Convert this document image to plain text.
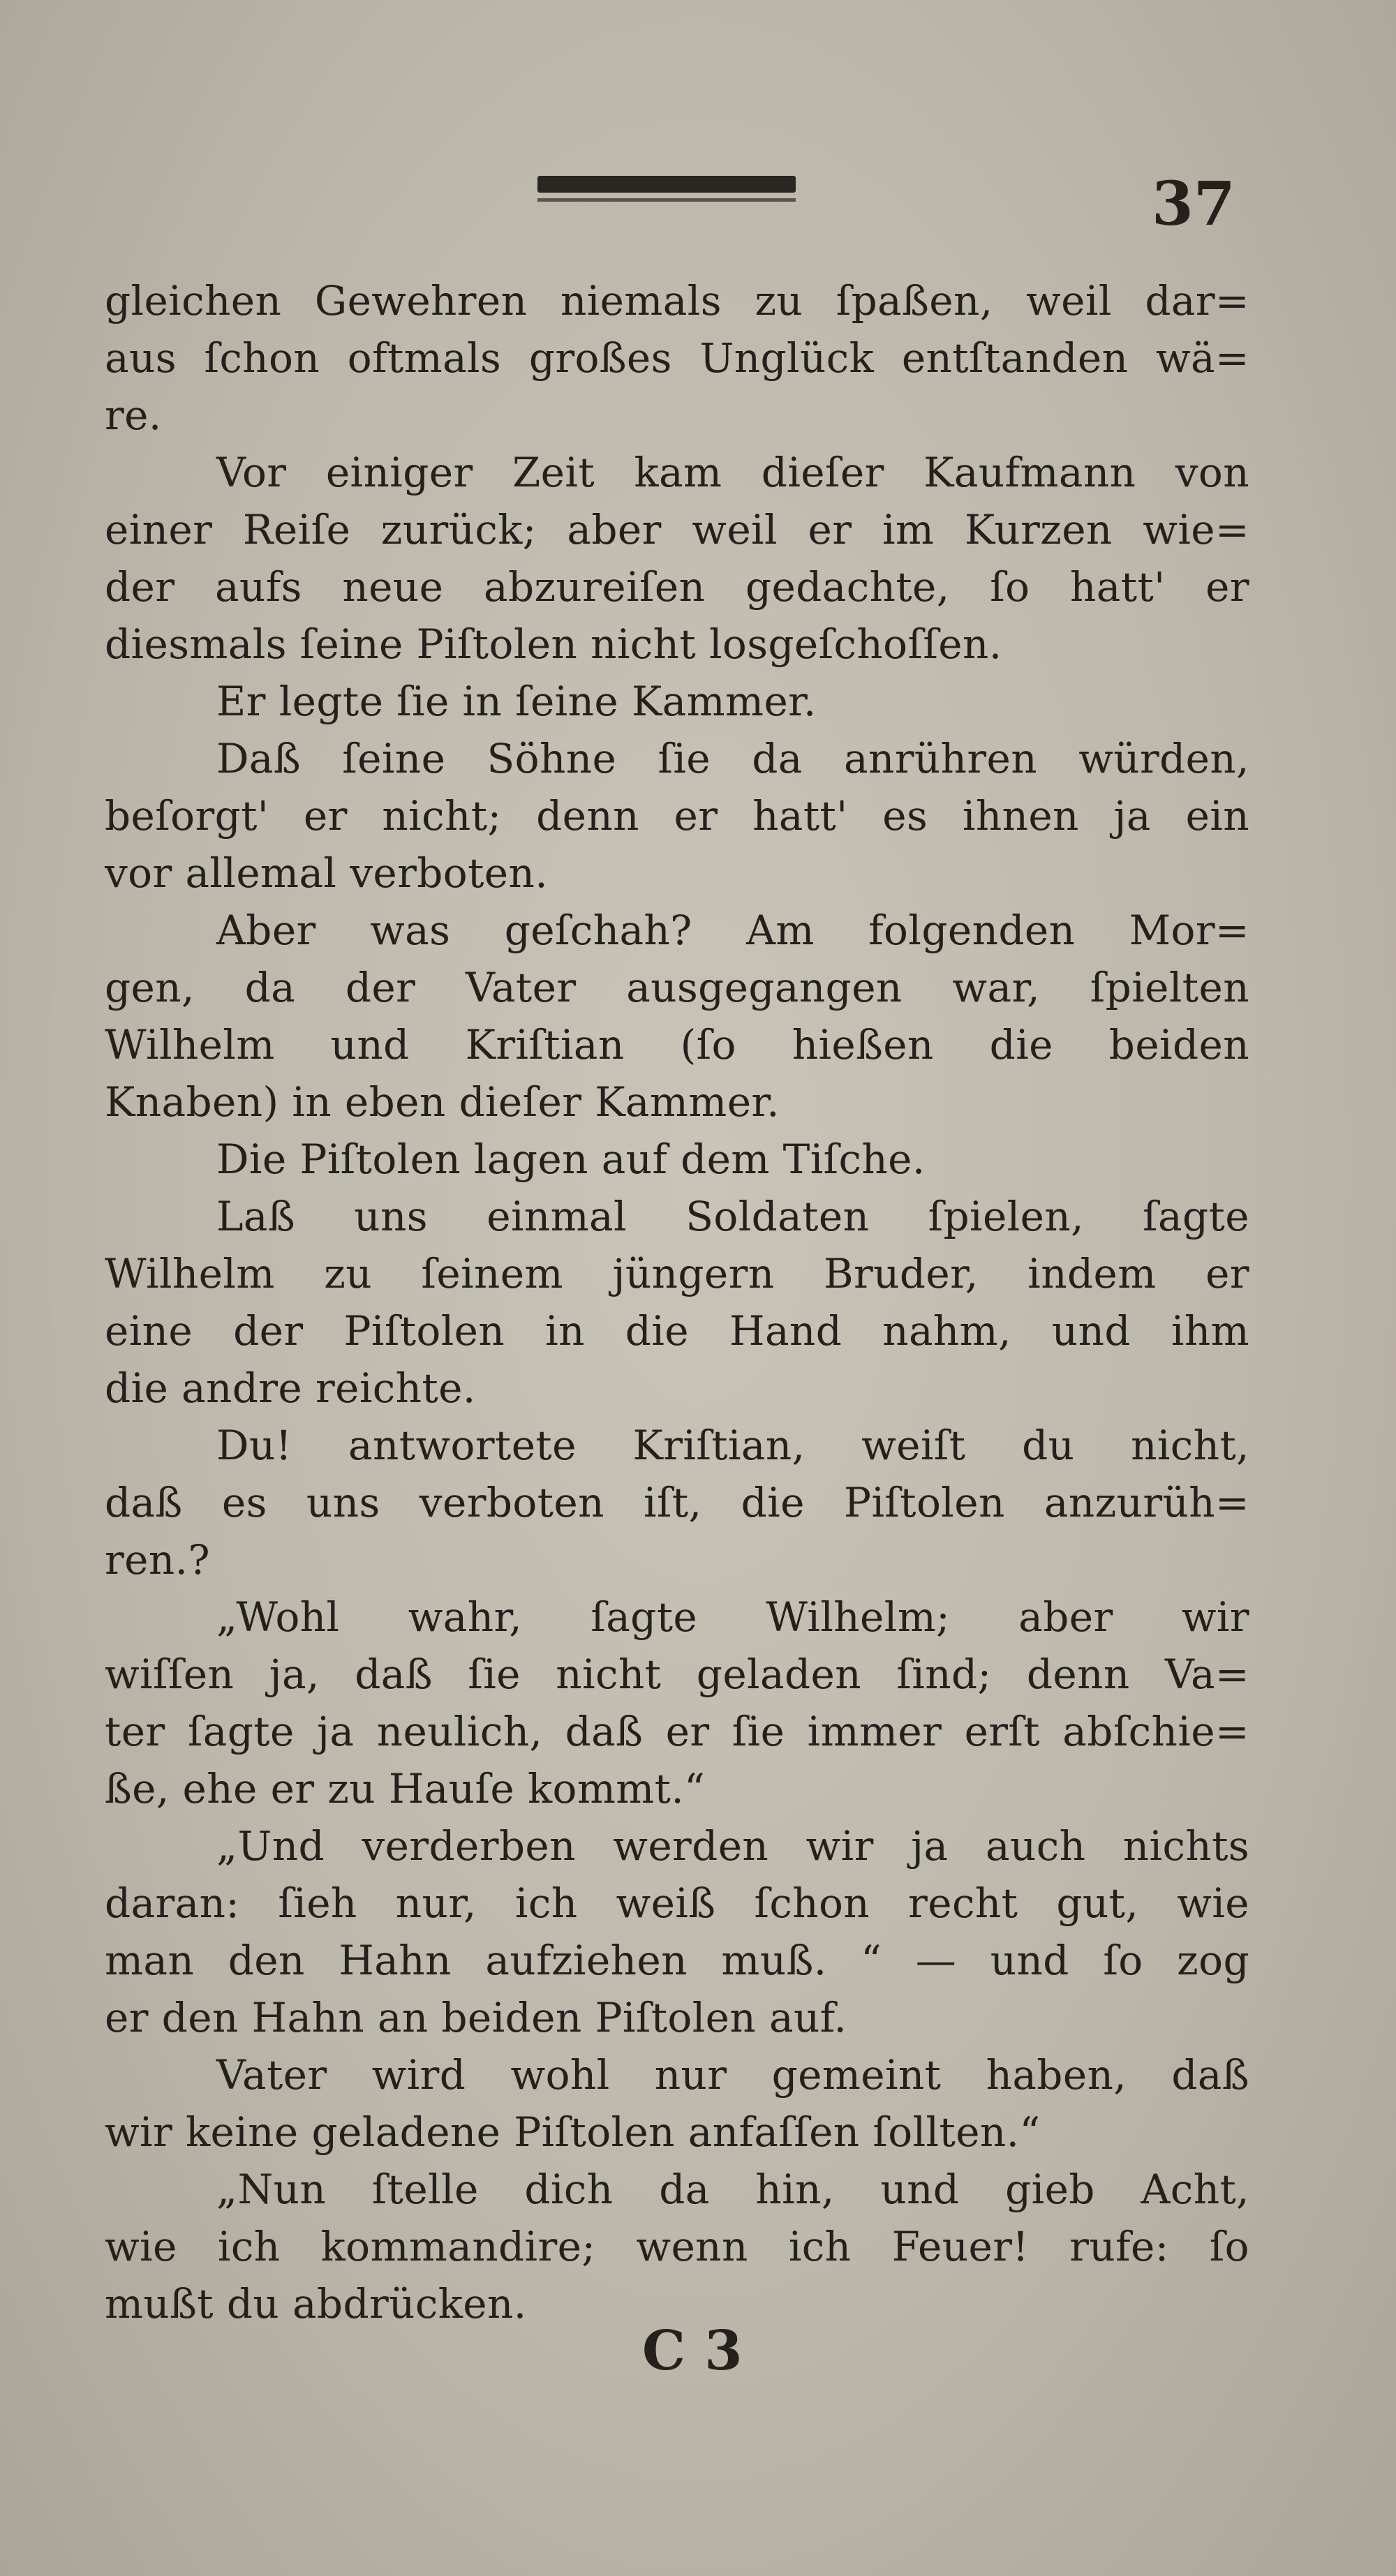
37
gleichen Gewehren niemals zu ſpaßen, weil dar=
aus ſchon oftmals großes Unglück entſtanden wä=
re.
Vor einiger Zeit kam dieſer Kaufmann von
einer Reiſe zurück; aber weil er im Kurzen wie=
der aufs neue abzureiſen gedachte, ſo hatt' er
diesmals ſeine Piſtolen nicht losgeſchoſſen.
Er legte ſie in ſeine Kammer.
Daß ſeine Söhne ſie da anrühren würden,
beſorgt' er nicht; denn er hatt' es ihnen ja ein
vor allemal verboten.
Aber was geſchah? Am folgenden Mor=
gen, da der Vater ausgegangen war, ſpielten
Wilhelm und Kriſtian (ſo hießen die beiden
Knaben) in eben dieſer Kammer.
Die Piſtolen lagen auf dem Tiſche.
Laß uns einmal Soldaten ſpielen, ſagte
Wilhelm zu ſeinem jüngern Bruder, indem er
eine der Piſtolen in die Hand nahm, und ihm
die andre reichte.
Du! antwortete Kriſtian, weiſt du nicht,
daß es uns verboten iſt, die Piſtolen anzurüh=
ren.?
„Wohl wahr, ſagte Wilhelm; aber wir
wiſſen ja, daß ſie nicht geladen ſind; denn Va=
ter ſagte ja neulich, daß er ſie immer erſt abſchie=
ße, ehe er zu Hauſe kommt.“
„Und verderben werden wir ja auch nichts
daran: ſieh nur, ich weiß ſchon recht gut, wie
man den Hahn aufziehen muß. “ — und ſo zog
er den Hahn an beiden Piſtolen auf.
Vater wird wohl nur gemeint haben, daß
wir keine geladene Piſtolen anfaſſen ſollten.“
„Nun ſtelle dich da hin, und gieb Acht,
wie ich kommandire; wenn ich Feuer! rufe: ſo
mußt du abdrücken.
C 3
